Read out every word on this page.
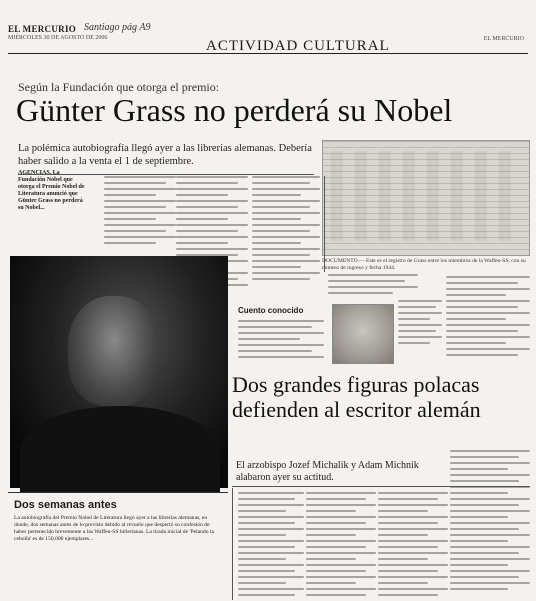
EL MERCURIO Santiago pág A9
MIÉRCOLES 30 DE AGOSTO DE 2006	ACTIVIDAD CULTURAL	EL MERCURIO
Según la Fundación que otorga el premio:
Günter Grass no perderá su Nobel
La polémica autobiografía llegó ayer a las librerías alemanas. Debería haber salido a la venta el 1 de septiembre.
DOCUMENTO.— Este es el registro de Grass entre los miembros de la Waffen-SS, con su número de ingreso y fecha 1944.
AGENCIAS. La Fundación Nobel que otorga el Premio Nobel de Literatura anunció que Günter Grass no perderá su Nobel...
Cuento conocido
Dos grandes figuras polacas defienden al escritor alemán
El arzobispo Jozef Michalik y Adam Michnik alabaron ayer su actitud.
Dos semanas antes
La autobiografía del Premio Nobel de Literatura llegó ayer a las librerías alemanas, en donde, dos semanas antes de lo previsto debido al revuelo que despertó su confesión de haber pertenecido brevemente a las Waffen-SS hitlerianas. La tirada inicial de 'Pelando la cebolla' es de 150.000 ejemplares...
